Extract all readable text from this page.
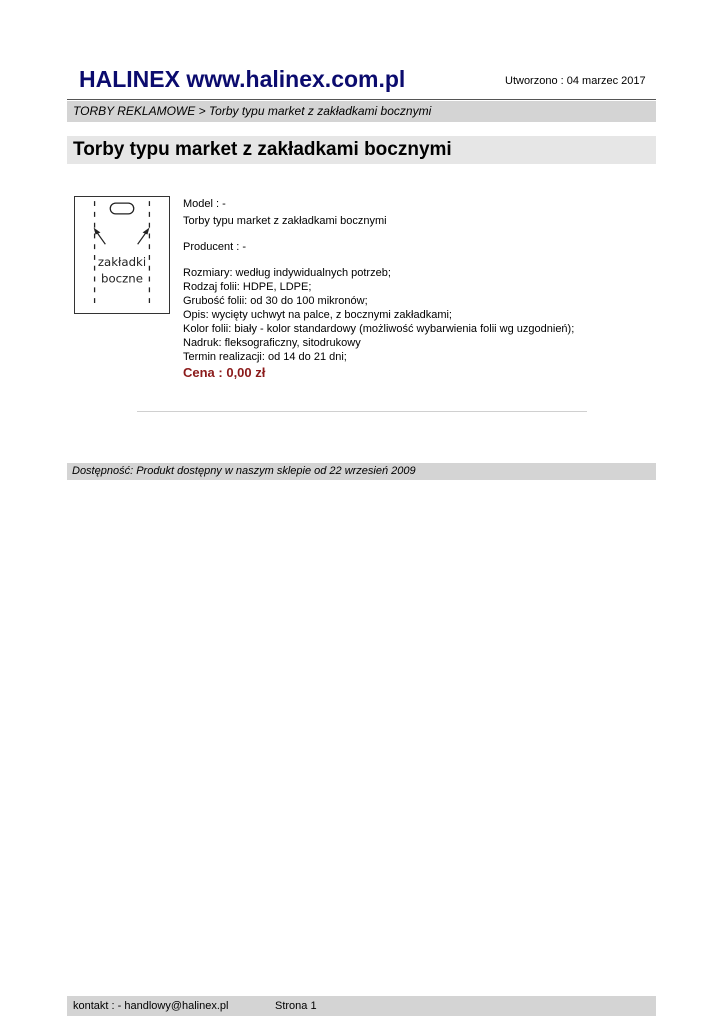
HALINEX www.halinex.com.pl	Utworzono : 04 marzec 2017
TORBY REKLAMOWE > Torby typu market z zakładkami bocznymi
Torby typu market z zakładkami bocznymi
zakładki
boczne
Model : -
Torby typu market z zakładkami bocznymi
Producent : -
Rozmiary: według indywidualnych potrzeb;
Rodzaj folii: HDPE, LDPE;
Grubość folii: od 30 do 100 mikronów;
Opis: wycięty uchwyt na palce, z bocznymi zakładkami;
Kolor folii: biały - kolor standardowy (możliwość wybarwienia folii wg uzgodnień);
Nadruk: fleksograficzny, sitodrukowy
Termin realizacji: od 14 do 21 dni;
Cena : 0,00 zł
Dostępność: Produkt dostępny w naszym sklepie od 22 wrzesień 2009
kontakt : - handlowy@halinex.pl	Strona 1
